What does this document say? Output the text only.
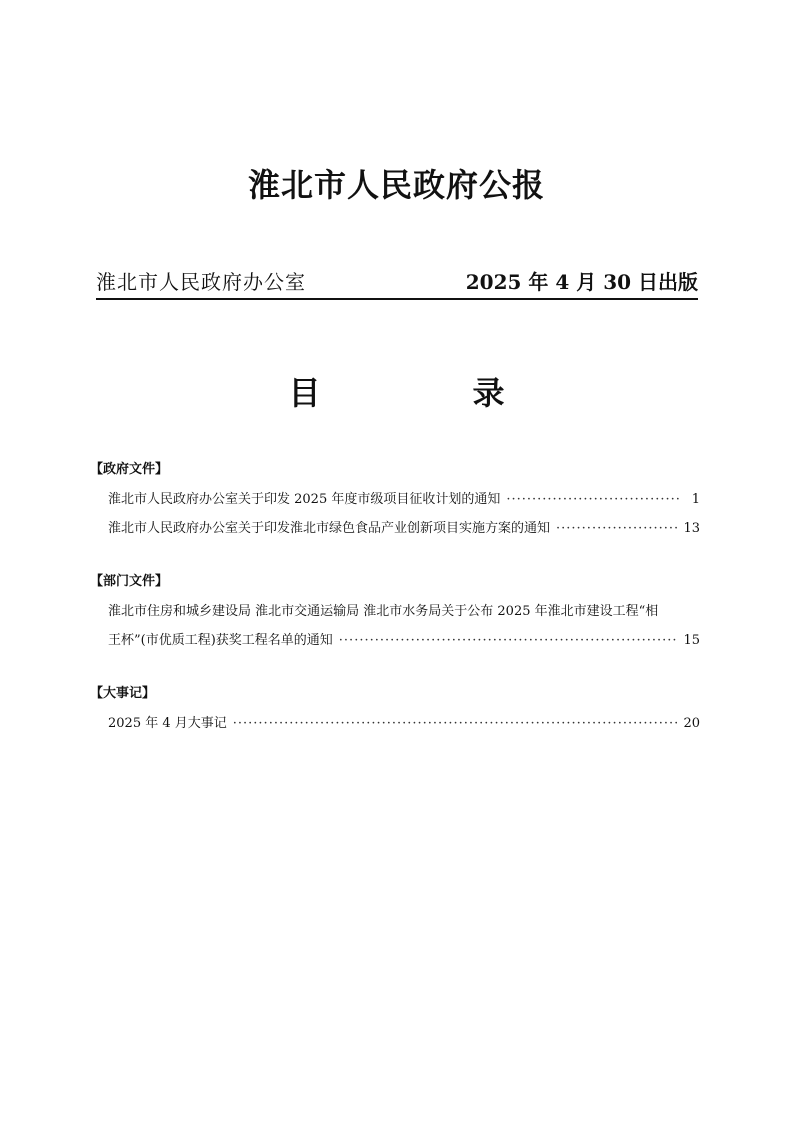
淮北市人民政府公报
淮北市人民政府办公室	2025 年 4 月 30 日出版
目　录
【政府文件】
淮北市人民政府办公室关于印发 2025 年度市级项目征收计划的通知 ·····	1
淮北市人民政府办公室关于印发淮北市绿色食品产业创新项目实施方案的通知 ·····	13
【部门文件】
淮北市住房和城乡建设局 淮北市交通运输局 淮北市水务局关于公布 2025 年淮北市建设工程“相
王杯”(市优质工程)获奖工程名单的通知 ·····	15
【大事记】
2025 年 4 月大事记 ·····	20
